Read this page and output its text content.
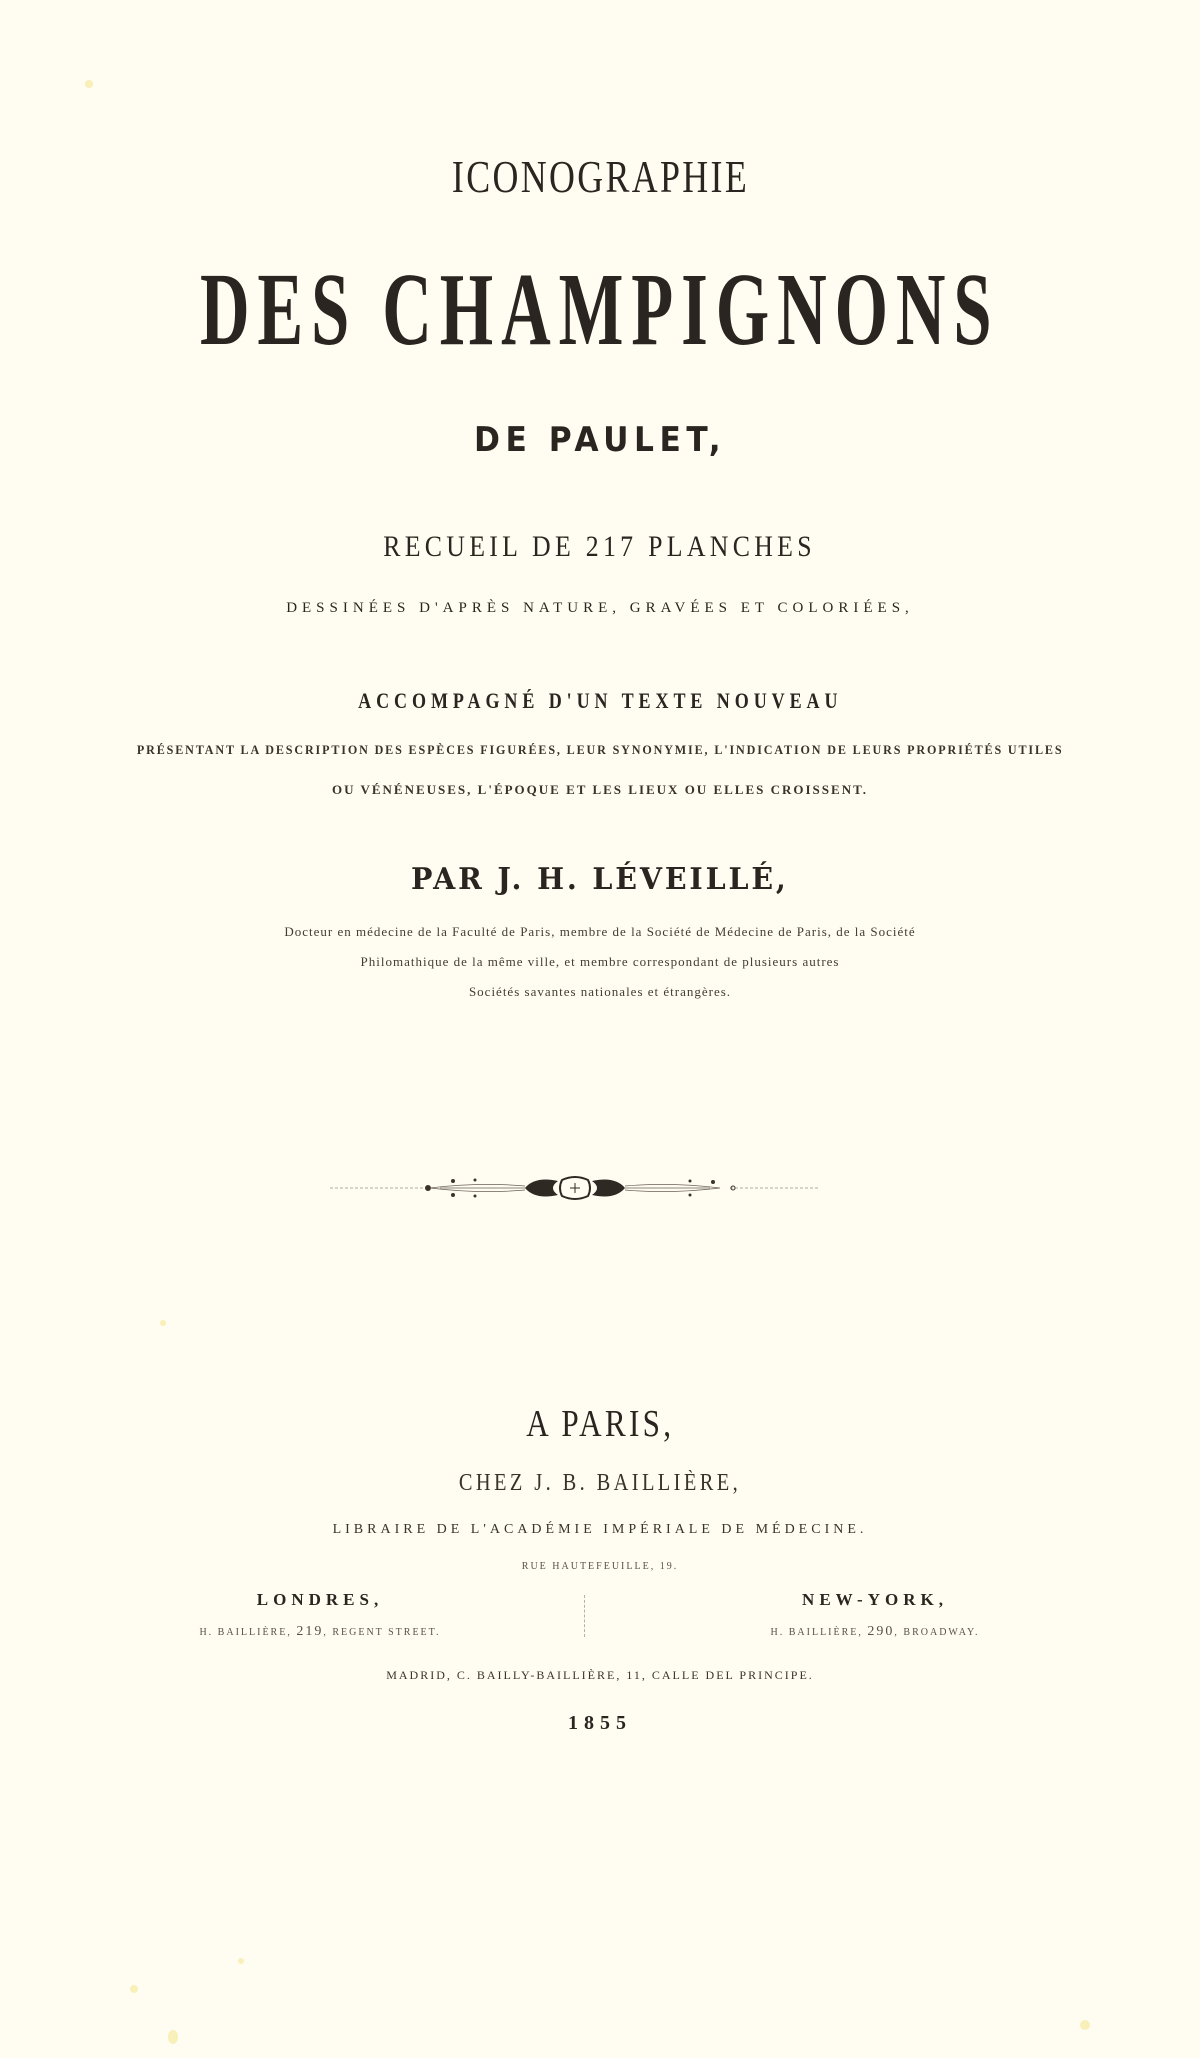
ICONOGRAPHIE
DES CHAMPIGNONS
DE PAULET,
RECUEIL DE 217 PLANCHES
DESSINÉES D'APRÈS NATURE, GRAVÉES ET COLORIÉES,
ACCOMPAGNÉ D'UN TEXTE NOUVEAU
PRÉSENTANT LA DESCRIPTION DES ESPÈCES FIGURÉES, LEUR SYNONYMIE, L'INDICATION DE LEURS PROPRIÉTÉS UTILES
OU VÉNÉNEUSES, L'ÉPOQUE ET LES LIEUX OU ELLES CROISSENT.
PAR J. H. LÉVEILLÉ,
Docteur en médecine de la Faculté de Paris, membre de la Société de Médecine de Paris, de la Société
Philomathique de la même ville, et membre correspondant de plusieurs autres
Sociétés savantes nationales et étrangères.
A PARIS,
CHEZ J. B. BAILLIÈRE,
LIBRAIRE DE L'ACADÉMIE IMPÉRIALE DE MÉDECINE.
RUE HAUTEFEUILLE, 19.
LONDRES,
H. BAILLIÈRE, 219, REGENT STREET.
NEW-YORK,
H. BAILLIÈRE, 290, BROADWAY.
MADRID, C. BAILLY-BAILLIÈRE, 11, CALLE DEL PRINCIPE.
1855
